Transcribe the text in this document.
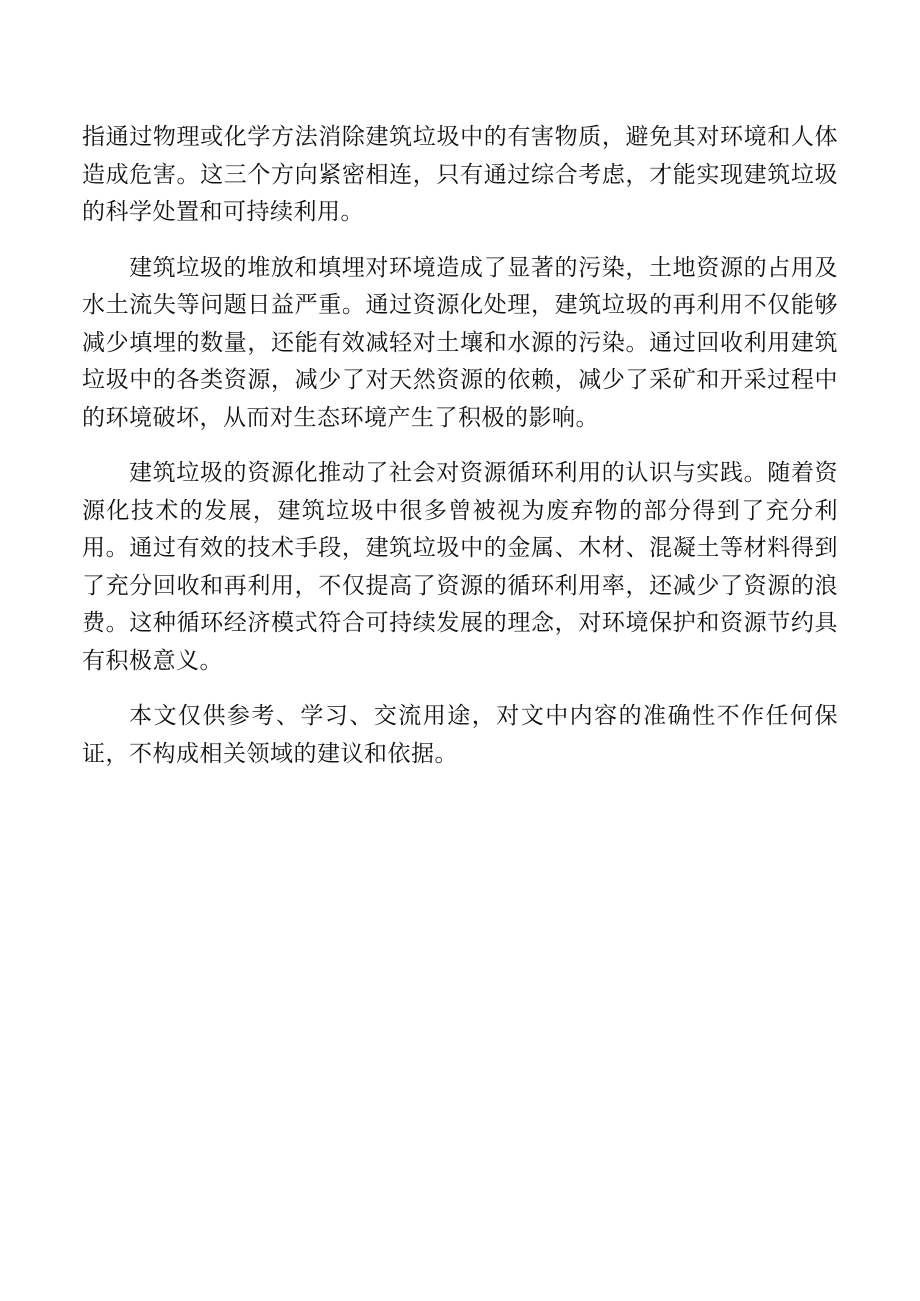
指通过物理或化学方法消除建筑垃圾中的有害物质，避免其对环境和人体造成危害。这三个方向紧密相连，只有通过综合考虑，才能实现建筑垃圾的科学处置和可持续利用。

建筑垃圾的堆放和填埋对环境造成了显著的污染，土地资源的占用及水土流失等问题日益严重。通过资源化处理，建筑垃圾的再利用不仅能够减少填埋的数量，还能有效减轻对土壤和水源的污染。通过回收利用建筑垃圾中的各类资源，减少了对天然资源的依赖，减少了采矿和开采过程中的环境破坏，从而对生态环境产生了积极的影响。

建筑垃圾的资源化推动了社会对资源循环利用的认识与实践。随着资源化技术的发展，建筑垃圾中很多曾被视为废弃物的部分得到了充分利用。通过有效的技术手段，建筑垃圾中的金属、木材、混凝土等材料得到了充分回收和再利用，不仅提高了资源的循环利用率，还减少了资源的浪费。这种循环经济模式符合可持续发展的理念，对环境保护和资源节约具有积极意义。

本文仅供参考、学习、交流用途，对文中内容的准确性不作任何保证，不构成相关领域的建议和依据。
